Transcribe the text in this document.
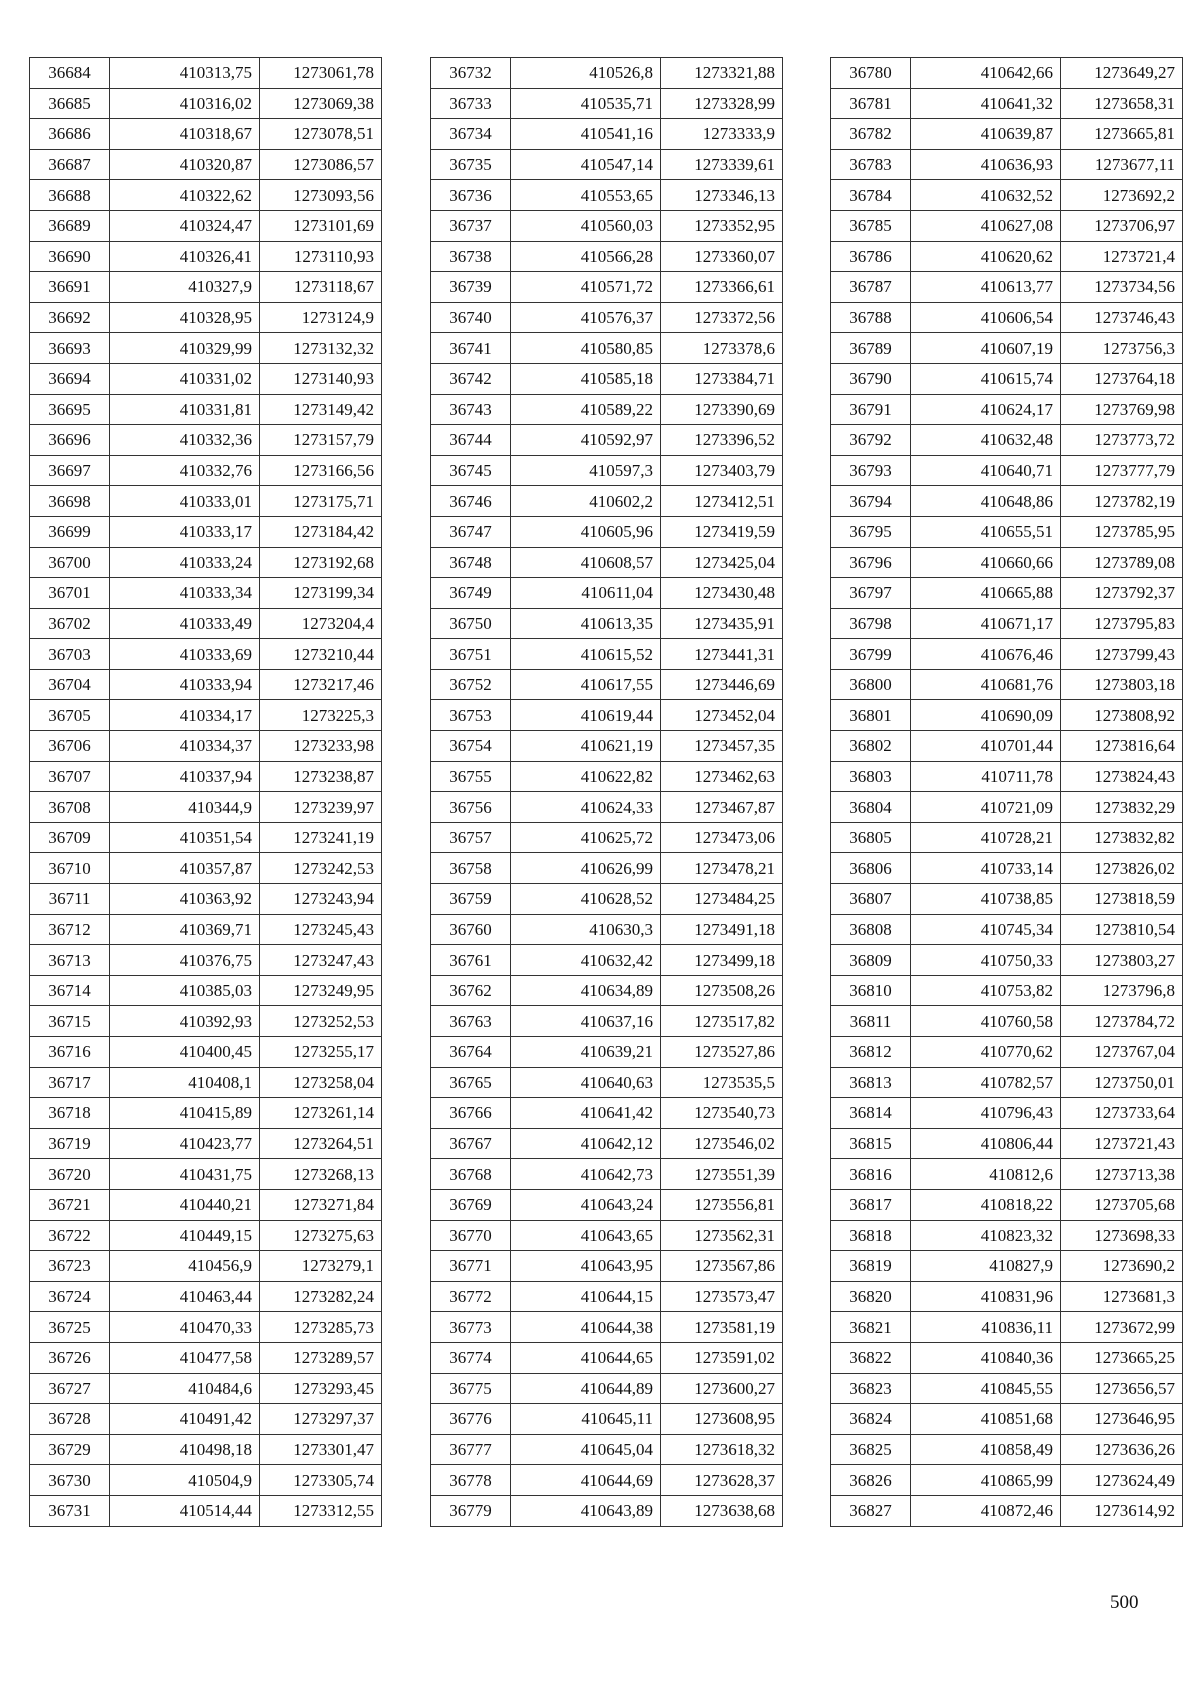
36684	410313,75	1273061,78
36685	410316,02	1273069,38
36686	410318,67	1273078,51
36687	410320,87	1273086,57
36688	410322,62	1273093,56
36689	410324,47	1273101,69
36690	410326,41	1273110,93
36691	410327,9	1273118,67
36692	410328,95	1273124,9
36693	410329,99	1273132,32
36694	410331,02	1273140,93
36695	410331,81	1273149,42
36696	410332,36	1273157,79
36697	410332,76	1273166,56
36698	410333,01	1273175,71
36699	410333,17	1273184,42
36700	410333,24	1273192,68
36701	410333,34	1273199,34
36702	410333,49	1273204,4
36703	410333,69	1273210,44
36704	410333,94	1273217,46
36705	410334,17	1273225,3
36706	410334,37	1273233,98
36707	410337,94	1273238,87
36708	410344,9	1273239,97
36709	410351,54	1273241,19
36710	410357,87	1273242,53
36711	410363,92	1273243,94
36712	410369,71	1273245,43
36713	410376,75	1273247,43
36714	410385,03	1273249,95
36715	410392,93	1273252,53
36716	410400,45	1273255,17
36717	410408,1	1273258,04
36718	410415,89	1273261,14
36719	410423,77	1273264,51
36720	410431,75	1273268,13
36721	410440,21	1273271,84
36722	410449,15	1273275,63
36723	410456,9	1273279,1
36724	410463,44	1273282,24
36725	410470,33	1273285,73
36726	410477,58	1273289,57
36727	410484,6	1273293,45
36728	410491,42	1273297,37
36729	410498,18	1273301,47
36730	410504,9	1273305,74
36731	410514,44	1273312,55
36732	410526,8	1273321,88
36733	410535,71	1273328,99
36734	410541,16	1273333,9
36735	410547,14	1273339,61
36736	410553,65	1273346,13
36737	410560,03	1273352,95
36738	410566,28	1273360,07
36739	410571,72	1273366,61
36740	410576,37	1273372,56
36741	410580,85	1273378,6
36742	410585,18	1273384,71
36743	410589,22	1273390,69
36744	410592,97	1273396,52
36745	410597,3	1273403,79
36746	410602,2	1273412,51
36747	410605,96	1273419,59
36748	410608,57	1273425,04
36749	410611,04	1273430,48
36750	410613,35	1273435,91
36751	410615,52	1273441,31
36752	410617,55	1273446,69
36753	410619,44	1273452,04
36754	410621,19	1273457,35
36755	410622,82	1273462,63
36756	410624,33	1273467,87
36757	410625,72	1273473,06
36758	410626,99	1273478,21
36759	410628,52	1273484,25
36760	410630,3	1273491,18
36761	410632,42	1273499,18
36762	410634,89	1273508,26
36763	410637,16	1273517,82
36764	410639,21	1273527,86
36765	410640,63	1273535,5
36766	410641,42	1273540,73
36767	410642,12	1273546,02
36768	410642,73	1273551,39
36769	410643,24	1273556,81
36770	410643,65	1273562,31
36771	410643,95	1273567,86
36772	410644,15	1273573,47
36773	410644,38	1273581,19
36774	410644,65	1273591,02
36775	410644,89	1273600,27
36776	410645,11	1273608,95
36777	410645,04	1273618,32
36778	410644,69	1273628,37
36779	410643,89	1273638,68
36780	410642,66	1273649,27
36781	410641,32	1273658,31
36782	410639,87	1273665,81
36783	410636,93	1273677,11
36784	410632,52	1273692,2
36785	410627,08	1273706,97
36786	410620,62	1273721,4
36787	410613,77	1273734,56
36788	410606,54	1273746,43
36789	410607,19	1273756,3
36790	410615,74	1273764,18
36791	410624,17	1273769,98
36792	410632,48	1273773,72
36793	410640,71	1273777,79
36794	410648,86	1273782,19
36795	410655,51	1273785,95
36796	410660,66	1273789,08
36797	410665,88	1273792,37
36798	410671,17	1273795,83
36799	410676,46	1273799,43
36800	410681,76	1273803,18
36801	410690,09	1273808,92
36802	410701,44	1273816,64
36803	410711,78	1273824,43
36804	410721,09	1273832,29
36805	410728,21	1273832,82
36806	410733,14	1273826,02
36807	410738,85	1273818,59
36808	410745,34	1273810,54
36809	410750,33	1273803,27
36810	410753,82	1273796,8
36811	410760,58	1273784,72
36812	410770,62	1273767,04
36813	410782,57	1273750,01
36814	410796,43	1273733,64
36815	410806,44	1273721,43
36816	410812,6	1273713,38
36817	410818,22	1273705,68
36818	410823,32	1273698,33
36819	410827,9	1273690,2
36820	410831,96	1273681,3
36821	410836,11	1273672,99
36822	410840,36	1273665,25
36823	410845,55	1273656,57
36824	410851,68	1273646,95
36825	410858,49	1273636,26
36826	410865,99	1273624,49
36827	410872,46	1273614,92
500
